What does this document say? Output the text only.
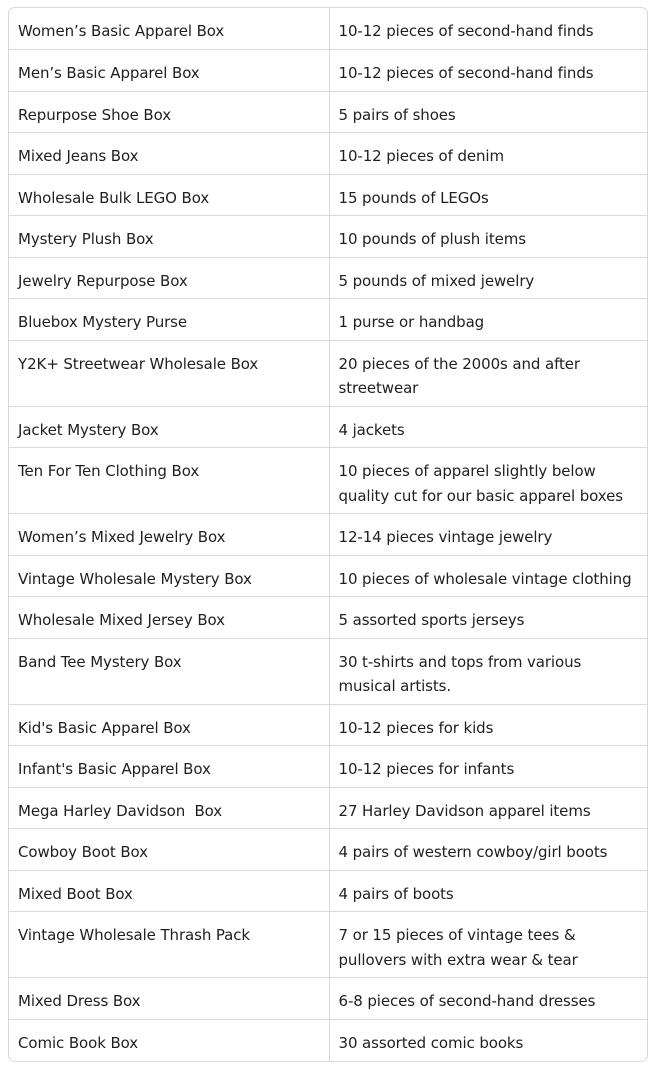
Women’s Basic Apparel Box	10-12 pieces of second-hand finds
Men’s Basic Apparel Box	10-12 pieces of second-hand finds
Repurpose Shoe Box	5 pairs of shoes
Mixed Jeans Box	10-12 pieces of denim
Wholesale Bulk LEGO Box	15 pounds of LEGOs
Mystery Plush Box	10 pounds of plush items
Jewelry Repurpose Box	5 pounds of mixed jewelry
Bluebox Mystery Purse	1 purse or handbag
Y2K+ Streetwear Wholesale Box	20 pieces of the 2000s and after streetwear
Jacket Mystery Box	4 jackets
Ten For Ten Clothing Box	10 pieces of apparel slightly below quality cut for our basic apparel boxes
Women’s Mixed Jewelry Box	12-14 pieces vintage jewelry
Vintage Wholesale Mystery Box	10 pieces of wholesale vintage clothing
Wholesale Mixed Jersey Box	5 assorted sports jerseys
Band Tee Mystery Box	30 t-shirts and tops from various musical artists.
Kid's Basic Apparel Box	10-12 pieces for kids
Infant's Basic Apparel Box	10-12 pieces for infants
Mega Harley Davidson  Box	27 Harley Davidson apparel items
Cowboy Boot Box	4 pairs of western cowboy/girl boots
Mixed Boot Box	4 pairs of boots
Vintage Wholesale Thrash Pack	7 or 15 pieces of vintage tees & pullovers with extra wear & tear
Mixed Dress Box	6-8 pieces of second-hand dresses
Comic Book Box	30 assorted comic books
